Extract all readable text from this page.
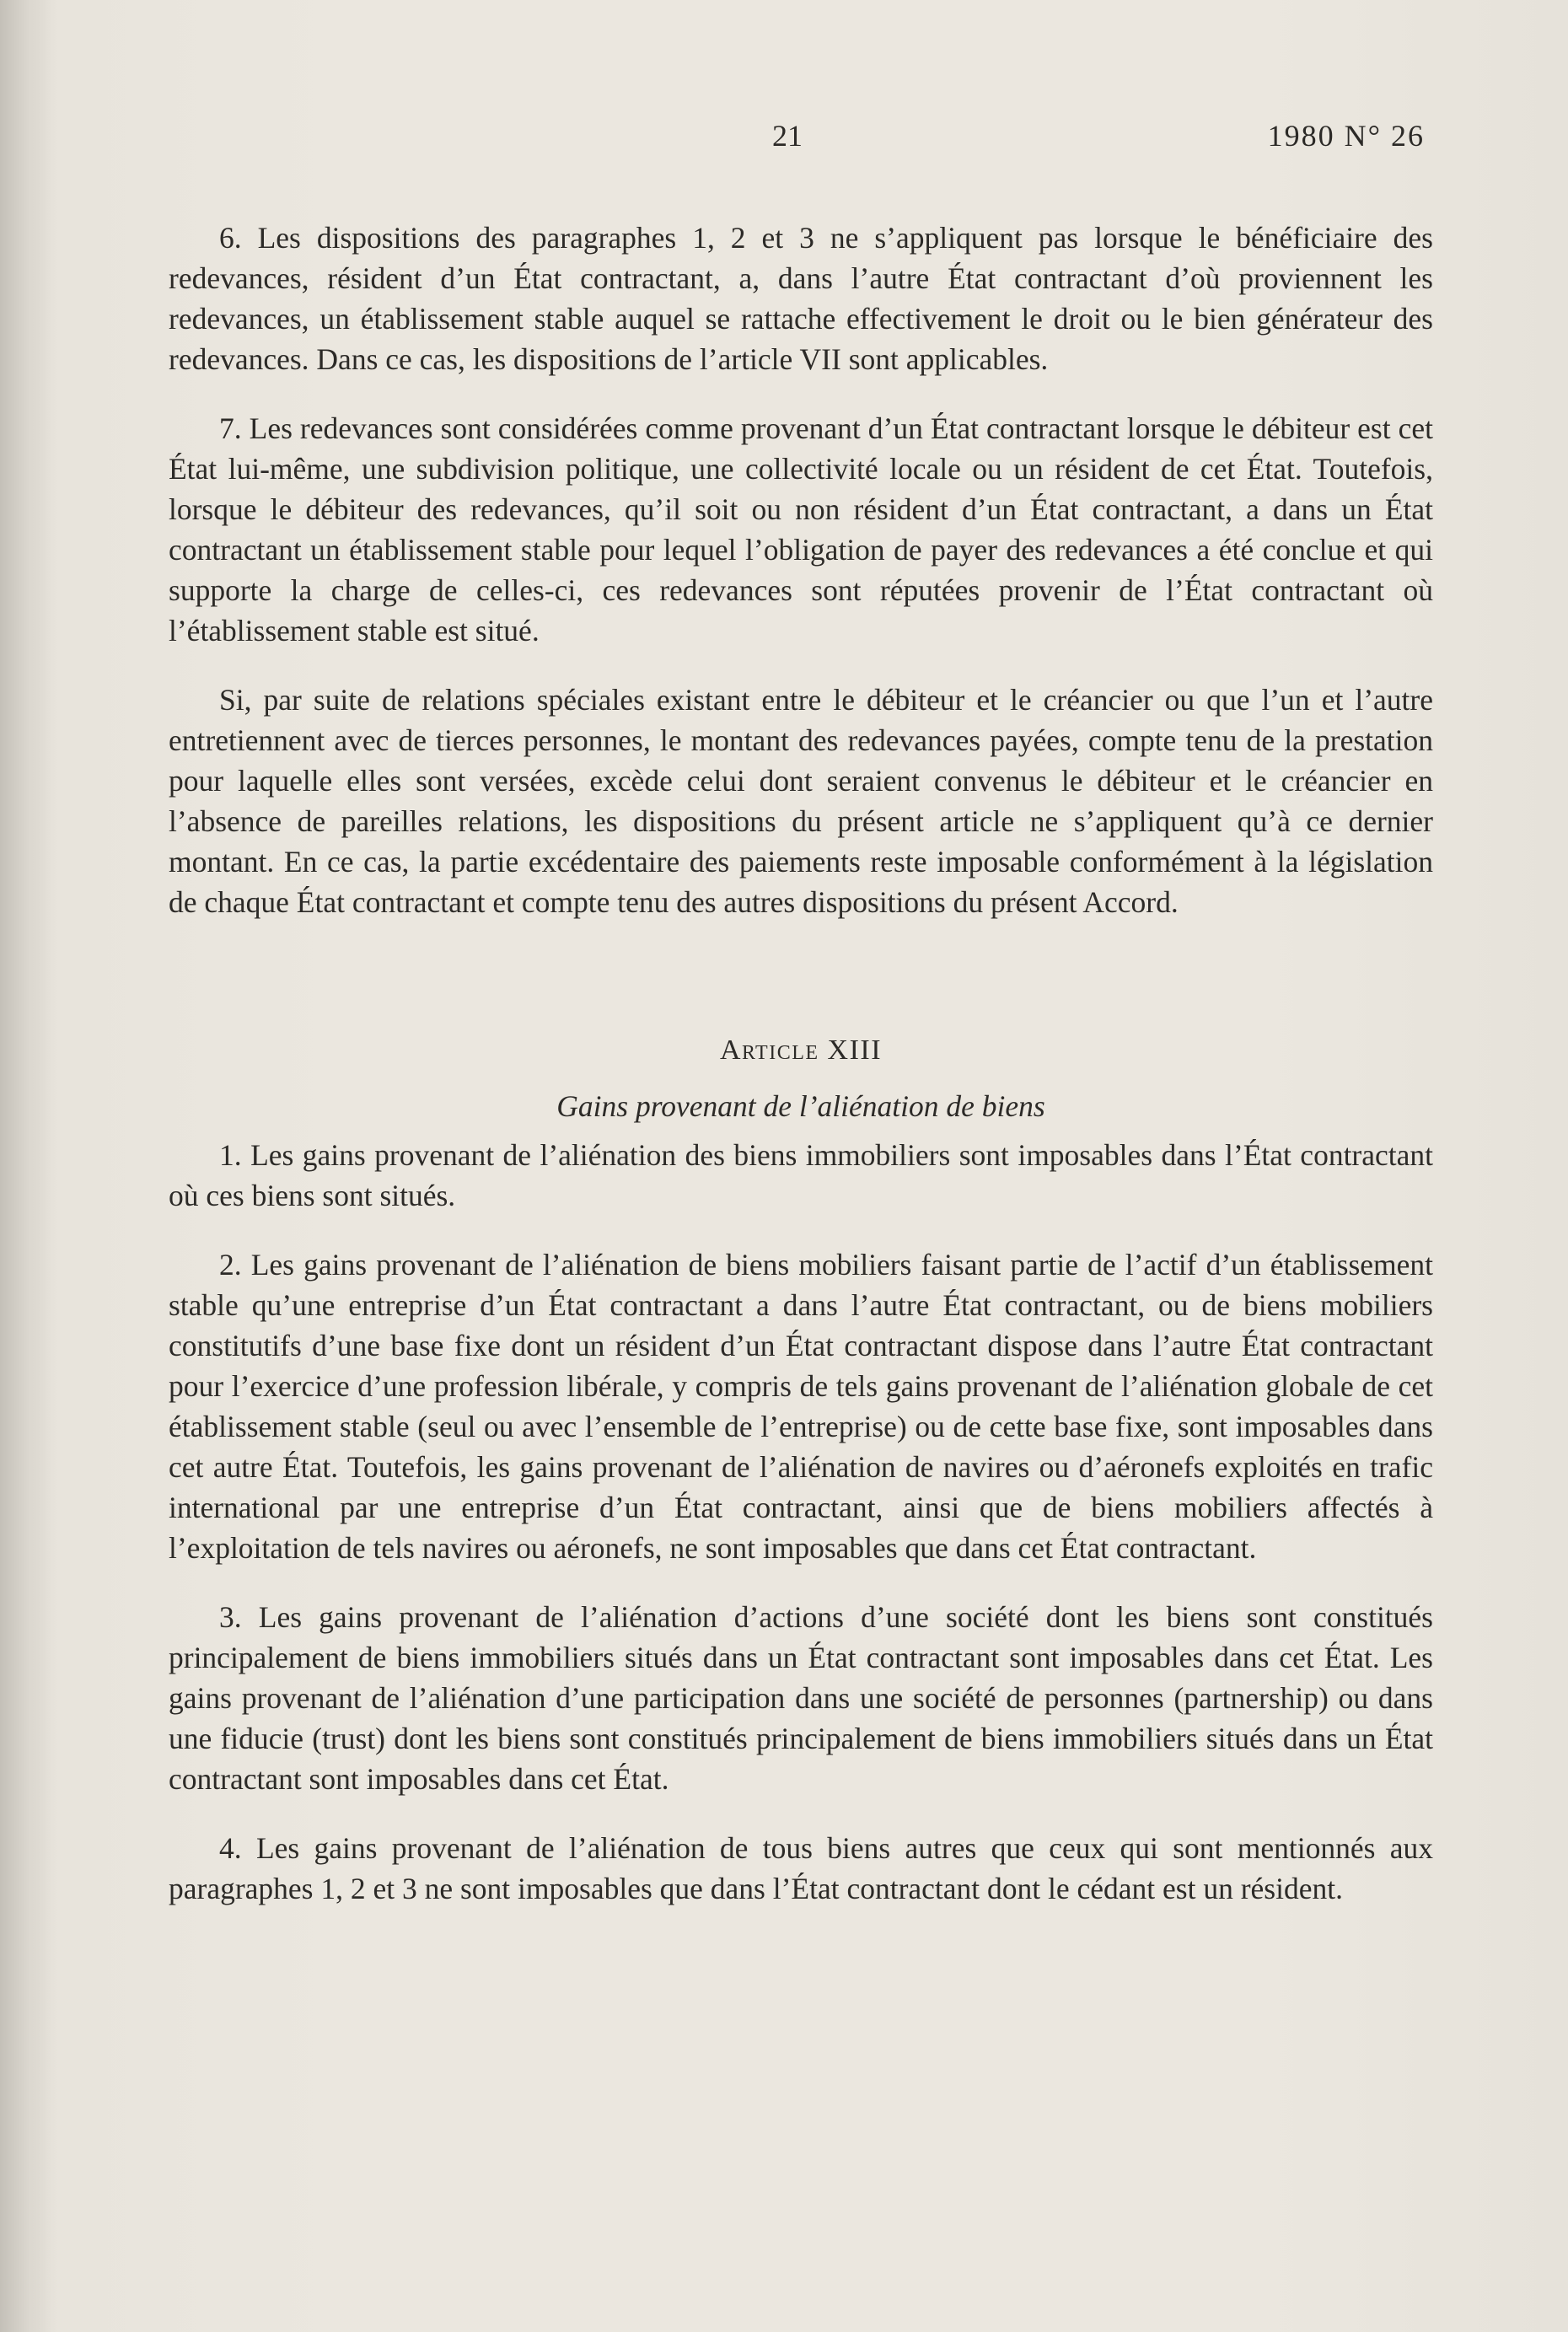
21	1980 N° 26

6. Les dispositions des paragraphes 1, 2 et 3 ne s’appliquent pas lorsque le bénéficiaire des redevances, résident d’un État contractant, a, dans l’autre État contractant d’où proviennent les redevances, un établissement stable auquel se rattache effectivement le droit ou le bien générateur des redevances. Dans ce cas, les dispositions de l’article VII sont applicables.

7. Les redevances sont considérées comme provenant d’un État contractant lorsque le débiteur est cet État lui-même, une subdivision politique, une collectivité locale ou un résident de cet État. Toutefois, lorsque le débiteur des redevances, qu’il soit ou non résident d’un État contractant, a dans un État contractant un établissement stable pour lequel l’obligation de payer des redevances a été conclue et qui supporte la charge de celles-ci, ces redevances sont réputées provenir de l’État contractant où l’établissement stable est situé.

Si, par suite de relations spéciales existant entre le débiteur et le créancier ou que l’un et l’autre entretiennent avec de tierces personnes, le montant des redevances payées, compte tenu de la prestation pour laquelle elles sont versées, excède celui dont seraient convenus le débiteur et le créancier en l’absence de pareilles relations, les dispositions du présent article ne s’appliquent qu’à ce dernier montant. En ce cas, la partie excédentaire des paiements reste imposable conformément à la législation de chaque État contractant et compte tenu des autres dispositions du présent Accord.

Article XIII
Gains provenant de l’aliénation de biens

1. Les gains provenant de l’aliénation des biens immobiliers sont imposables dans l’État contractant où ces biens sont situés.

2. Les gains provenant de l’aliénation de biens mobiliers faisant partie de l’actif d’un établissement stable qu’une entreprise d’un État contractant a dans l’autre État contractant, ou de biens mobiliers constitutifs d’une base fixe dont un résident d’un État contractant dispose dans l’autre État contractant pour l’exercice d’une profession libérale, y compris de tels gains provenant de l’aliénation globale de cet établissement stable (seul ou avec l’ensemble de l’entreprise) ou de cette base fixe, sont imposables dans cet autre État. Toutefois, les gains provenant de l’aliénation de navires ou d’aéronefs exploités en trafic international par une entreprise d’un État contractant, ainsi que de biens mobiliers affectés à l’exploitation de tels navires ou aéronefs, ne sont imposables que dans cet État contractant.

3. Les gains provenant de l’aliénation d’actions d’une société dont les biens sont constitués principalement de biens immobiliers situés dans un État contractant sont imposables dans cet État. Les gains provenant de l’aliénation d’une participation dans une société de personnes (partnership) ou dans une fiducie (trust) dont les biens sont constitués principalement de biens immobiliers situés dans un État contractant sont imposables dans cet État.

4. Les gains provenant de l’aliénation de tous biens autres que ceux qui sont mentionnés aux paragraphes 1, 2 et 3 ne sont imposables que dans l’État contractant dont le cédant est un résident.
